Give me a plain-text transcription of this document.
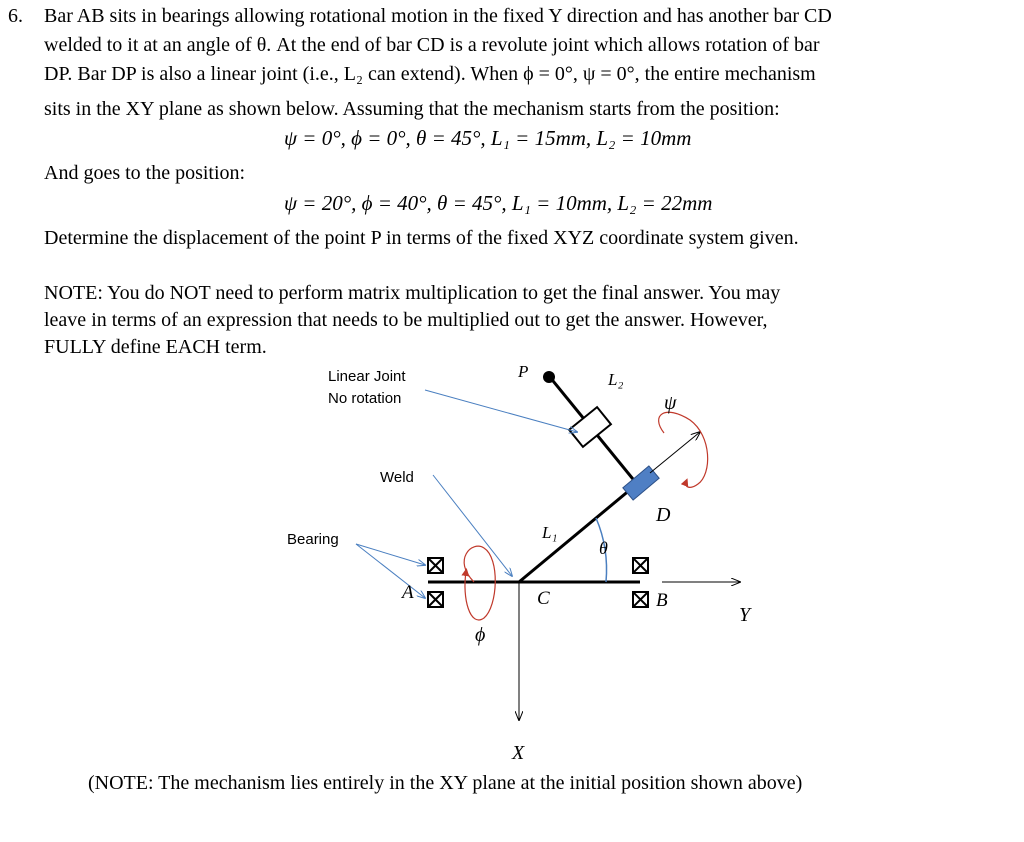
6. Bar AB sits in bearings allowing rotational motion in the fixed Y direction and has another bar CD
welded to it at an angle of θ. At the end of bar CD is a revolute joint which allows rotation of bar
DP. Bar DP is also a linear joint (i.e., L₂ can extend). When ϕ = 0°, ψ = 0°, the entire mechanism
sits in the XY plane as shown below. Assuming that the mechanism starts from the position:
ψ = 0°, ϕ = 0°, θ = 45°, L₁ = 15mm, L₂ = 10mm
And goes to the position:
ψ = 20°, ϕ = 40°, θ = 45°, L₁ = 10mm, L₂ = 22mm
Determine the displacement of the point P in terms of the fixed XYZ coordinate system given.
NOTE: You do NOT need to perform matrix multiplication to get the final answer. You may
leave in terms of an expression that needs to be multiplied out to get the answer. However,
FULLY define EACH term.
Linear Joint
No rotation
Weld
Bearing
P	L₂
ψ
D
L₁
θ
A	C	B
Y
ϕ
X
(NOTE: The mechanism lies entirely in the XY plane at the initial position shown above)
